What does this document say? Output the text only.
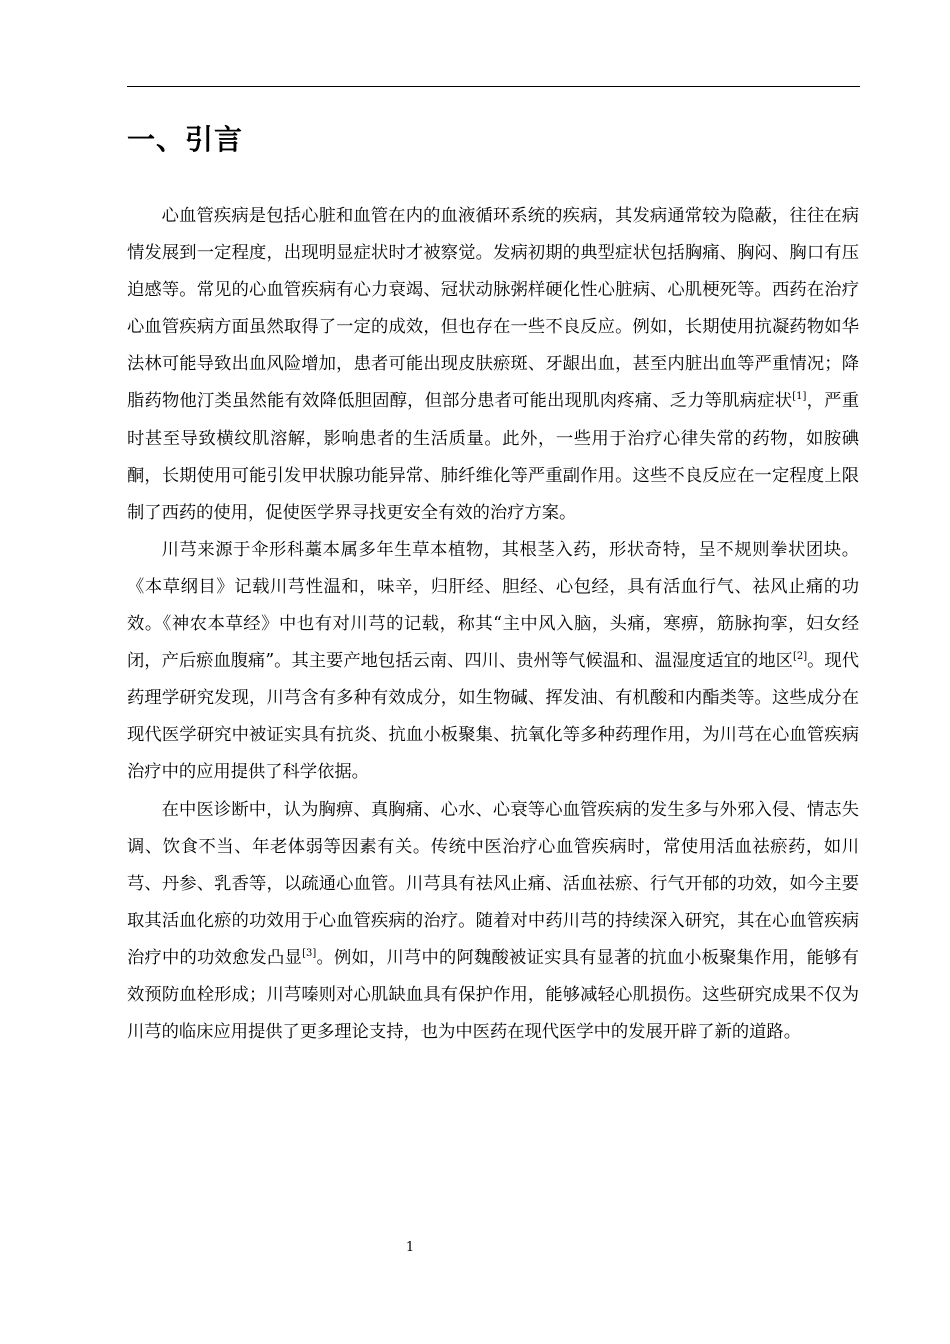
一、引言

心血管疾病是包括心脏和血管在内的血液循环系统的疾病，其发病通常较为隐蔽，往往在病情发展到一定程度，出现明显症状时才被察觉。发病初期的典型症状包括胸痛、胸闷、胸口有压迫感等。常见的心血管疾病有心力衰竭、冠状动脉粥样硬化性心脏病、心肌梗死等。西药在治疗心血管疾病方面虽然取得了一定的成效，但也存在一些不良反应。例如，长期使用抗凝药物如华法林可能导致出血风险增加，患者可能出现皮肤瘀斑、牙龈出血，甚至内脏出血等严重情况；降脂药物他汀类虽然能有效降低胆固醇，但部分患者可能出现肌肉疼痛、乏力等肌病症状[1]，严重时甚至导致横纹肌溶解，影响患者的生活质量。此外，一些用于治疗心律失常的药物，如胺碘酮，长期使用可能引发甲状腺功能异常、肺纤维化等严重副作用。这些不良反应在一定程度上限制了西药的使用，促使医学界寻找更安全有效的治疗方案。

川芎来源于伞形科藁本属多年生草本植物，其根茎入药，形状奇特，呈不规则拳状团块。《本草纲目》记载川芎性温和，味辛，归肝经、胆经、心包经，具有活血行气、祛风止痛的功效。《神农本草经》中也有对川芎的记载，称其“主中风入脑，头痛，寒痹，筋脉拘挛，妇女经闭，产后瘀血腹痛”。其主要产地包括云南、四川、贵州等气候温和、温湿度适宜的地区[2]。现代药理学研究发现，川芎含有多种有效成分，如生物碱、挥发油、有机酸和内酯类等。这些成分在现代医学研究中被证实具有抗炎、抗血小板聚集、抗氧化等多种药理作用，为川芎在心血管疾病治疗中的应用提供了科学依据。

在中医诊断中，认为胸痹、真胸痛、心水、心衰等心血管疾病的发生多与外邪入侵、情志失调、饮食不当、年老体弱等因素有关。传统中医治疗心血管疾病时，常使用活血祛瘀药，如川芎、丹参、乳香等，以疏通心血管。川芎具有祛风止痛、活血祛瘀、行气开郁的功效，如今主要取其活血化瘀的功效用于心血管疾病的治疗。随着对中药川芎的持续深入研究，其在心血管疾病治疗中的功效愈发凸显[3]。例如，川芎中的阿魏酸被证实具有显著的抗血小板聚集作用，能够有效预防血栓形成；川芎嗪则对心肌缺血具有保护作用，能够减轻心肌损伤。这些研究成果不仅为川芎的临床应用提供了更多理论支持，也为中医药在现代医学中的发展开辟了新的道路。

1
